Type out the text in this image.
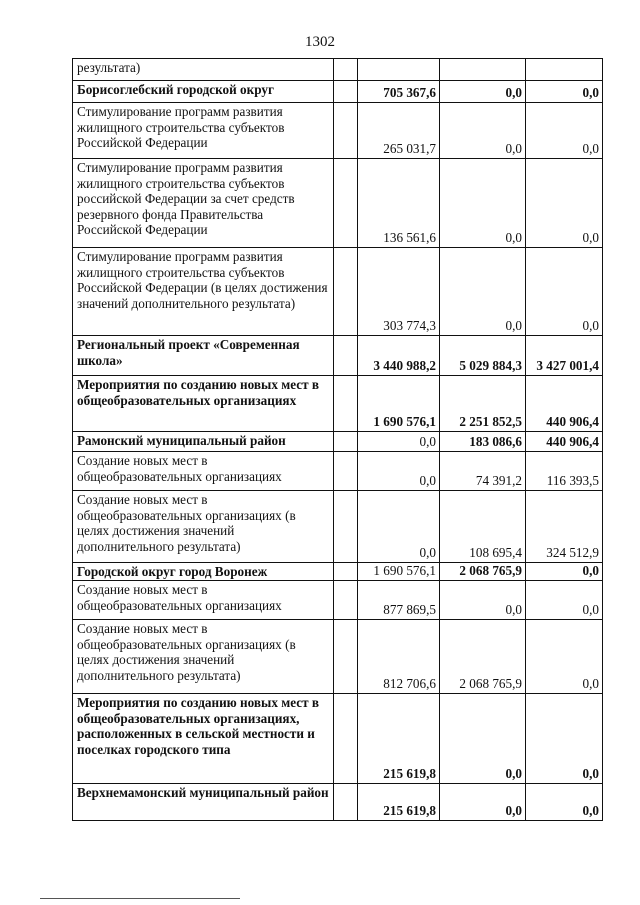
1302
результата)				
Борисоглебский городской округ		705 367,6	0,0	0,0
Стимулирование программ развития жилищного строительства субъектов Российской Федерации		265 031,7	0,0	0,0
Стимулирование программ развития жилищного строительства субъектов российской Федерации за счет средств резервного фонда Правительства Российской Федерации		136 561,6	0,0	0,0
Стимулирование программ развития жилищного строительства субъектов Российской Федерации (в целях достижения значений дополнительного результата)		303 774,3	0,0	0,0
Региональный проект «Современная школа»		3 440 988,2	5 029 884,3	3 427 001,4
Мероприятия по созданию новых мест в общеобразовательных организациях		1 690 576,1	2 251 852,5	440 906,4
Рамонский муниципальный район		0,0	183 086,6	440 906,4
Создание новых мест в общеобразовательных организациях		0,0	74 391,2	116 393,5
Создание новых мест в общеобразовательных организациях (в целях достижения значений дополнительного результата)		0,0	108 695,4	324 512,9
Городской округ город Воронеж		1 690 576,1	2 068 765,9	0,0
Создание новых мест в общеобразовательных организациях		877 869,5	0,0	0,0
Создание новых мест в общеобразовательных организациях (в целях достижения значений дополнительного результата)		812 706,6	2 068 765,9	0,0
Мероприятия по созданию новых мест в общеобразовательных организациях, расположенных в сельской местности и поселках городского типа		215 619,8	0,0	0,0
Верхнемамонский муниципальный район		215 619,8	0,0	0,0
